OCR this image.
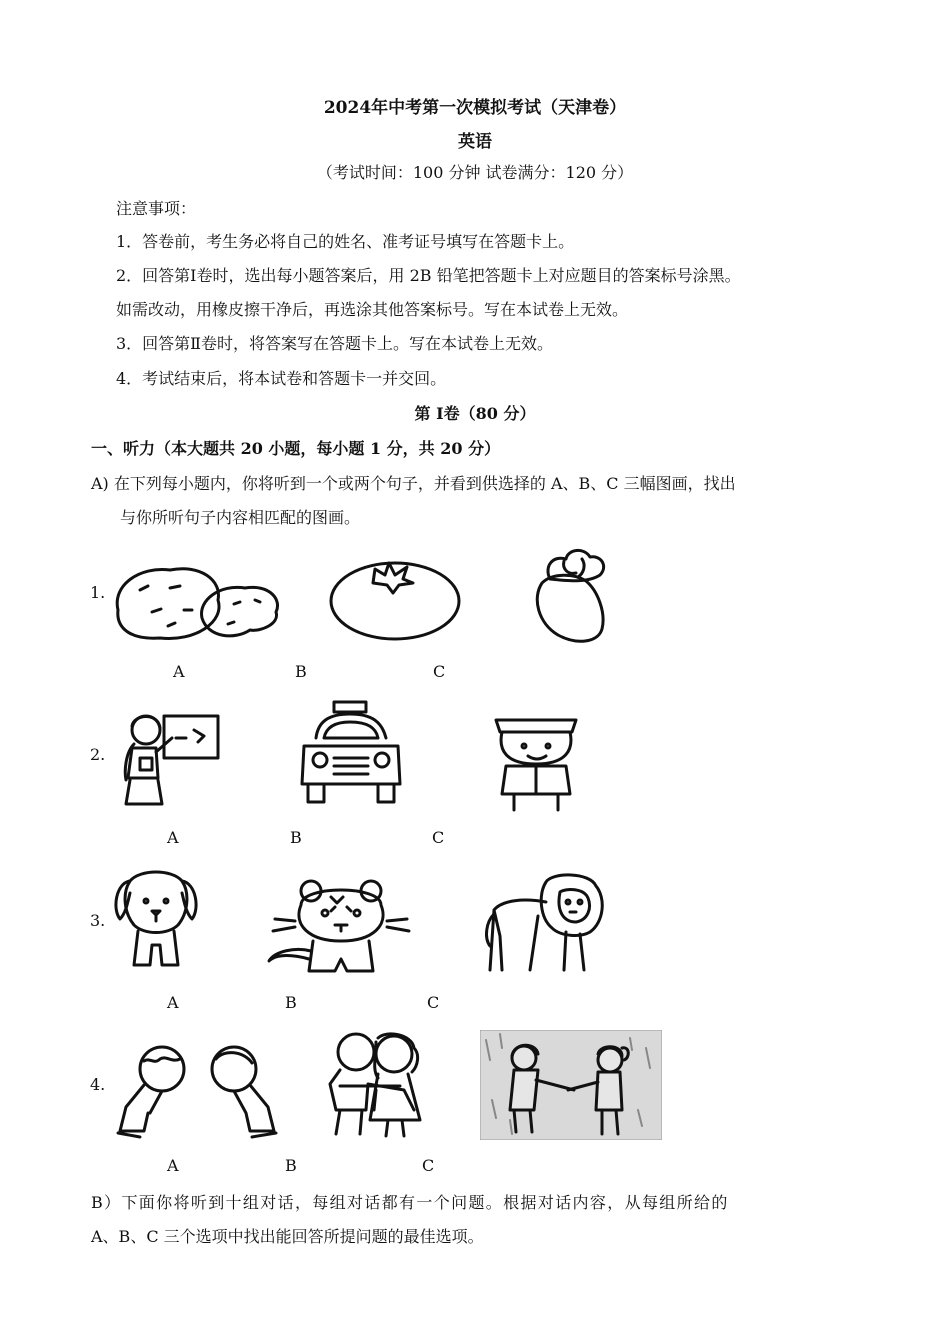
2024年中考第一次模拟考试（天津卷）
英语
（考试时间：100 分钟 试卷满分：120 分）
注意事项：
1．答卷前，考生务必将自己的姓名、准考证号填写在答题卡上。
2．回答第Ⅰ卷时，选出每小题答案后，用 2B 铅笔把答题卡上对应题目的答案标号涂黑。
如需改动，用橡皮擦干净后，再选涂其他答案标号。写在本试卷上无效。
3．回答第Ⅱ卷时，将答案写在答题卡上。写在本试卷上无效。
4．考试结束后，将本试卷和答题卡一并交回。
第 Ⅰ卷（80 分）
一、听力（本大题共 20 小题，每小题 1 分，共 20 分）
A) 在下列每小题内，你将听到一个或两个句子，并看到供选择的 A、B、C 三幅图画，找出
与你所听句子内容相匹配的图画。
1.
A	B	C
2.
A	B	C
3.
A	B	C
4.
A	B	C
B）下面你将听到十组对话，每组对话都有一个问题。根据对话内容，从每组所给的
A、B、C 三个选项中找出能回答所提问题的最佳选项。
